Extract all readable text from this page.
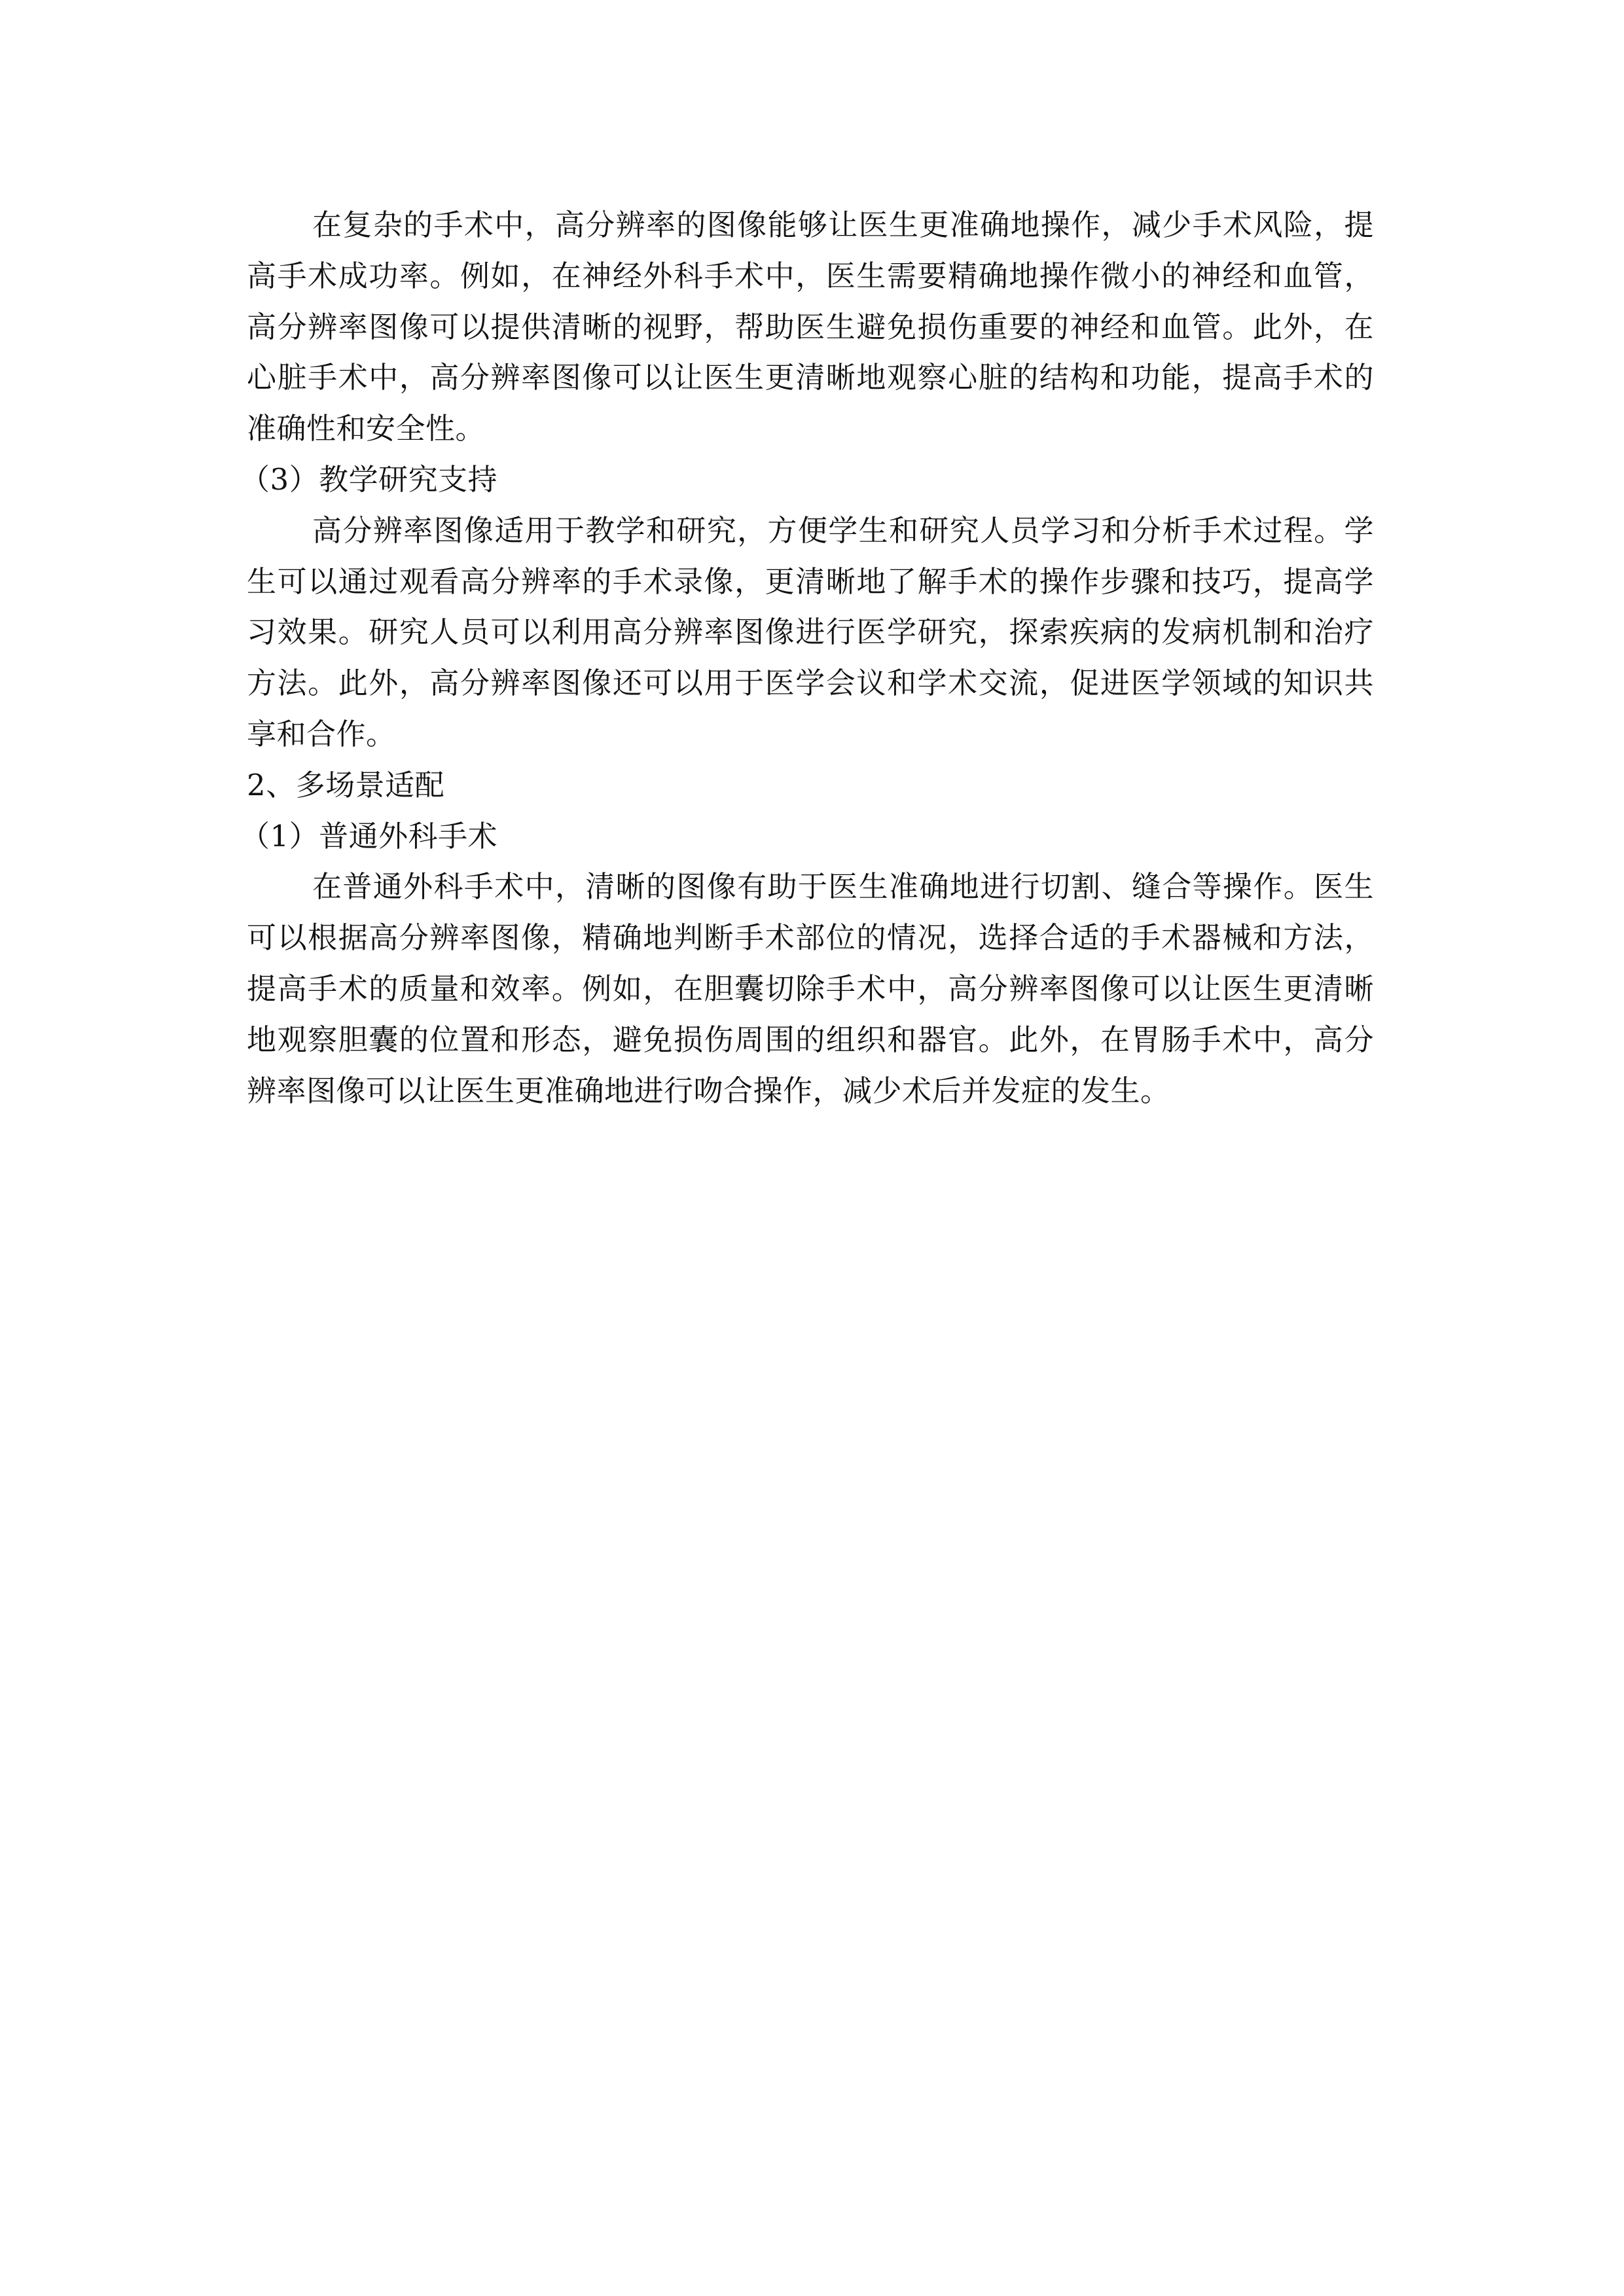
在复杂的手术中，高分辨率的图像能够让医生更准确地操作，减少手术风险，提高手术成功率。例如，在神经外科手术中，医生需要精确地操作微小的神经和血管，高分辨率图像可以提供清晰的视野，帮助医生避免损伤重要的神经和血管。此外，在心脏手术中，高分辨率图像可以让医生更清晰地观察心脏的结构和功能，提高手术的准确性和安全性。

（3）教学研究支持

高分辨率图像适用于教学和研究，方便学生和研究人员学习和分析手术过程。学生可以通过观看高分辨率的手术录像，更清晰地了解手术的操作步骤和技巧，提高学习效果。研究人员可以利用高分辨率图像进行医学研究，探索疾病的发病机制和治疗方法。此外，高分辨率图像还可以用于医学会议和学术交流，促进医学领域的知识共享和合作。

2、多场景适配

（1）普通外科手术

在普通外科手术中，清晰的图像有助于医生准确地进行切割、缝合等操作。医生可以根据高分辨率图像，精确地判断手术部位的情况，选择合适的手术器械和方法，提高手术的质量和效率。例如，在胆囊切除手术中，高分辨率图像可以让医生更清晰地观察胆囊的位置和形态，避免损伤周围的组织和器官。此外，在胃肠手术中，高分辨率图像可以让医生更准确地进行吻合操作，减少术后并发症的发生。
